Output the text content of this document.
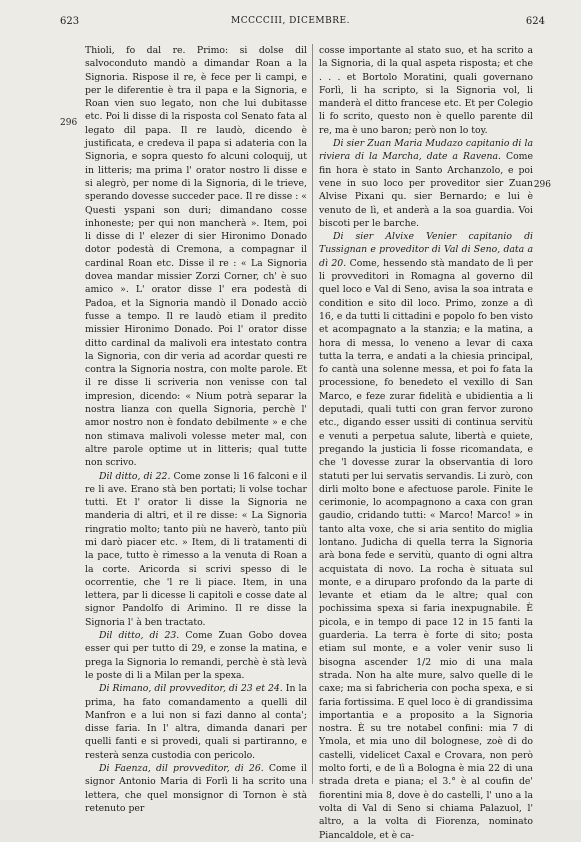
623	MCCCCIII, DICEMBRE.	624
296
296

Thioli, fo dal re. Primo: si dolse dil salvoconduto mandò a dimandar Roan a la Signoria. Rispose il re, è fece per li campi, e per le diferentie è tra il papa e la Signoria, e Roan vien suo legato, non che lui dubitasse etc. Poi li disse di la risposta col Senato fata al legato dil papa. Il re laudò, dicendo è justificata, e credeva il papa si adateria con la Signoria, e sopra questo fo alcuni coloquij, ut in litteris; ma prima l' orator nostro li disse e si alegrò, per nome di la Signoria, di le trieve, sperando dovesse succeder pace. Il re disse : « Questi yspani son duri; dimandano cosse inhoneste; per qui non mancherà ». Item, poi li disse di l' elezer di sier Hironimo Donado dotor podestà di Cremona, a compagnar il cardinal Roan etc. Disse il re : « La Signoria dovea mandar missier Zorzi Corner, ch' è suo amico ». L' orator disse l' era podestà di Padoa, et la Signoria mandò il Donado acciò fusse a tempo. Il re laudò etiam il predito missier Hironimo Donado. Poi l' orator disse ditto cardinal da malivoli era intestato contra la Signoria, con dir veria ad acordar questi re contra la Signoria nostra, con molte parole. Et il re disse li scriveria non venisse con tal impresion, dicendo: « Nium potrà separar la nostra lianza con quella Signoria, perchè l' amor nostro non è fondato debilmente » e che non stimava malivoli volesse meter mal, con altre parole optime ut in litteris; qual tutte non scrivo.

Dil ditto, di 22. Come zonse li 16 falconi e il re li ave. Erano stà ben portati; li volse tochar tutti. Et l' orator li disse la Signoria ne manderia di altri, et il re disse: « La Signoria ringratio molto; tanto più ne haverò, tanto più mi darò piacer etc. » Item, di li tratamenti di la pace, tutto è rimesso a la venuta di Roan a la corte. Aricorda si scrivi spesso di le ocorrentie, che 'l re li piace. Item, in una lettera, par li dicesse li capitoli e cosse date al signor Pandolfo di Arimino. Il re disse la Signoria l' à ben tractato.

Dil ditto, di 23. Come Zuan Gobo dovea esser qui per tutto di 29, e zonse la matina, e prega la Signoria lo remandi, perchè è stà levà le poste di li a Milan per la spexa.

Di Rimano, dil provveditor, di 23 et 24. In la prima, ha fato comandamento a quelli dil Manfron e a lui non si fazi danno al conta'; disse faria. In l' altra, dimanda danari per quelli fanti e si provedi, quali si partiranno, e resterà senza custodia con pericolo.

Di Faenza, dil provveditor, di 26. Come il signor Antonio Maria di Forlì li ha scrito una lettera, che quel monsignor di Tornon è stà retenuto per

cosse importante al stato suo, et ha scrito a la Signoria, di la qual aspeta risposta; et che . . . et Bortolo Moratini, quali governano Forlì, li ha scripto, si la Signoria vol, li manderà el ditto francese etc. Et per Colegio li fo scrito, questo non è quello parente dil re, ma è uno baron; però non lo toy.

Di sier Zuan Maria Mudazo capitanio di la riviera di la Marcha, date a Ravena. Come fin hora è stato in Santo Archanzolo, e poi vene in suo loco per proveditor sier Zuan Alvise Pixani qu. sier Bernardo; e lui è venuto de lì, et anderà a la soa guardia. Voi biscoti per le barche.

Di sier Alvixe Venier capitanio di Tussignan e proveditor di Val di Seno, data a dì 20. Come, hessendo stà mandato de lì per li provveditori in Romagna al governo dil quel loco e Val di Seno, avisa la soa intrata e condition e sito dil loco. Primo, zonze a dì 16, e da tutti li cittadini e popolo fo ben visto et acompagnato a la stanzia; e la matina, a hora di messa, lo veneno a levar di caxa tutta la terra, e andati a la chiesia principal, fo cantà una solenne messa, et poi fo fata la processione, fo benedeto el vexillo di San Marco, e feze zurar fidelità e ubidientia a li deputadi, quali tutti con gran fervor zurono etc., digando esser ussiti di continua servitù e venuti a perpetua salute, libertà e quiete, pregando la justicia li fosse ricomandata, e che 'l dovesse zurar la observantia di loro statuti per lui servatis servandis. Li zurò, con dirli molto bone e afectuose parole. Finite le cerimonie, lo acompagnono a caxa con gran gaudio, cridando tutti: « Marco! Marco! » in tanto alta voxe, che si aria sentito do miglia lontano. Judicha di quella terra la Signoria arà bona fede e servitù, quanto di ogni altra acquistata di novo. La rocha è situata sul monte, e a diruparo profondo da la parte di levante et etiam da le altre; qual con pochissima spexa si faria inexpugnabile. È picola, e in tempo di pace 12 in 15 fanti la guarderia. La terra è forte di sito; posta etiam sul monte, e a voler venir suso li bisogna ascender 1/2 mio di una mala strada. Non ha alte mure, salvo quelle di le caxe; ma si fabricheria con pocha spexa, e si faria fortissima. E quel loco è di grandissima importantia e a proposito a la Signoria nostra. È su tre notabel confini: mia 7 di Ymola, et mia uno dil bolognese, zoè di do castelli, videlicet Caxal e Crovara, non però molto forti, e de lì a Bologna è mia 22 di una strada dreta e piana; el 3.° è al coufin de' fiorentini mia 8, dove è do castelli, l' uno a la volta di Val di Seno si chiama Palazuol, l' altro, a la volta di Fiorenza, nominato Piancaldole, et è ca-
